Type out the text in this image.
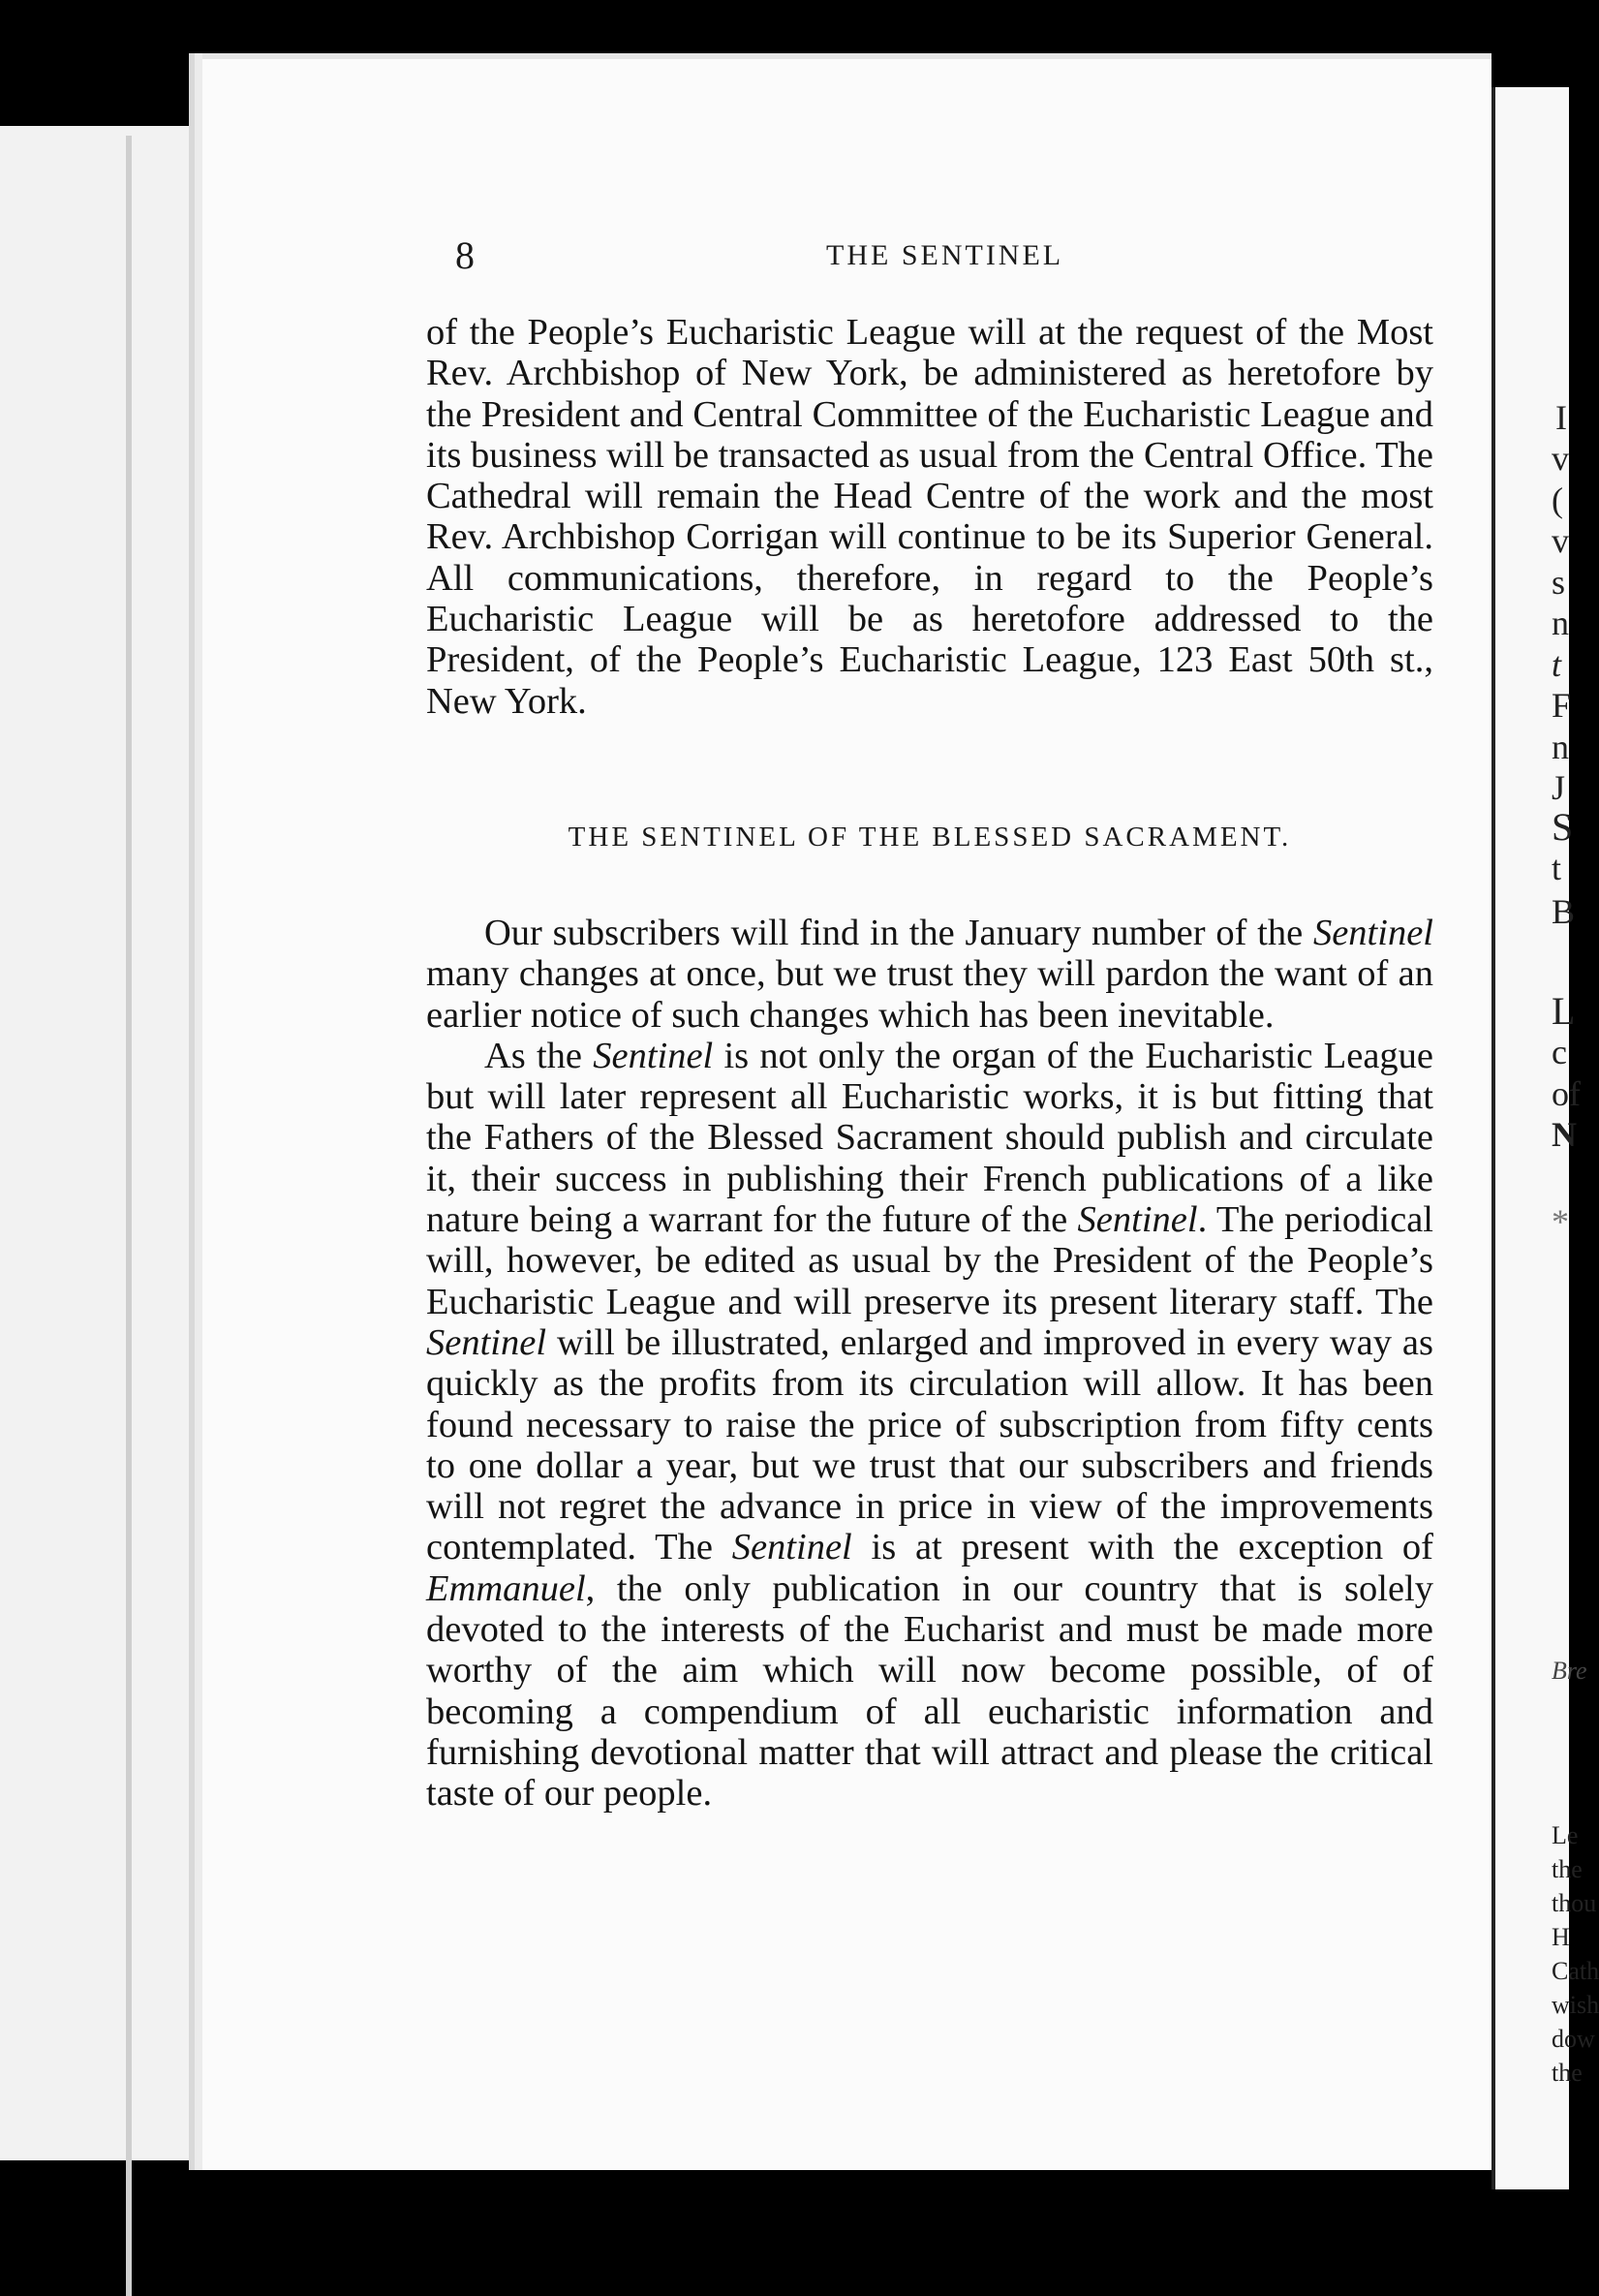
I
v
(
v
s
n
t
F
n
J
S
t
B
L
c
of
N
*
Bre
Le
the
thou
H
Cath
wish
dow
the
8	THE SENTINEL

of the People’s Eucharistic League will at the request of the Most Rev. Archbishop of New York, be administered as heretofore by the President and Central Committee of the Eucharistic League and its business will be transacted as usual from the Central Office. The Cathedral will remain the Head Centre of the work and the most Rev. Archbishop Corrigan will continue to be its Superior General. All communications, therefore, in regard to the People’s Eucharistic League will be as heretofore addressed to the President, of the People’s Eucharistic League, 123 East 50th st., New York.

THE SENTINEL OF THE BLESSED SACRAMENT.

Our subscribers will find in the January number of the Sentinel many changes at once, but we trust they will pardon the want of an earlier notice of such changes which has been inevitable.

As the Sentinel is not only the organ of the Eucharistic League but will later represent all Eucharistic works, it is but fitting that the Fathers of the Blessed Sacrament should publish and circulate it, their success in publishing their French publications of a like nature being a warrant for the future of the Sentinel. The periodical will, however, be edited as usual by the President of the People’s Eucharistic League and will preserve its present literary staff. The Sentinel will be illustrated, enlarged and improved in every way as quickly as the profits from its circulation will allow. It has been found necessary to raise the price of subscription from fifty cents to one dollar a year, but we trust that our subscribers and friends will not regret the advance in price in view of the improvements contemplated. The Sentinel is at present with the exception of Emmanuel, the only publication in our country that is solely devoted to the interests of the Eucharist and must be made more worthy of the aim which will now become possible, of of becoming a compendium of all eucharistic information and furnishing devotional matter that will attract and please the critical taste of our people.
